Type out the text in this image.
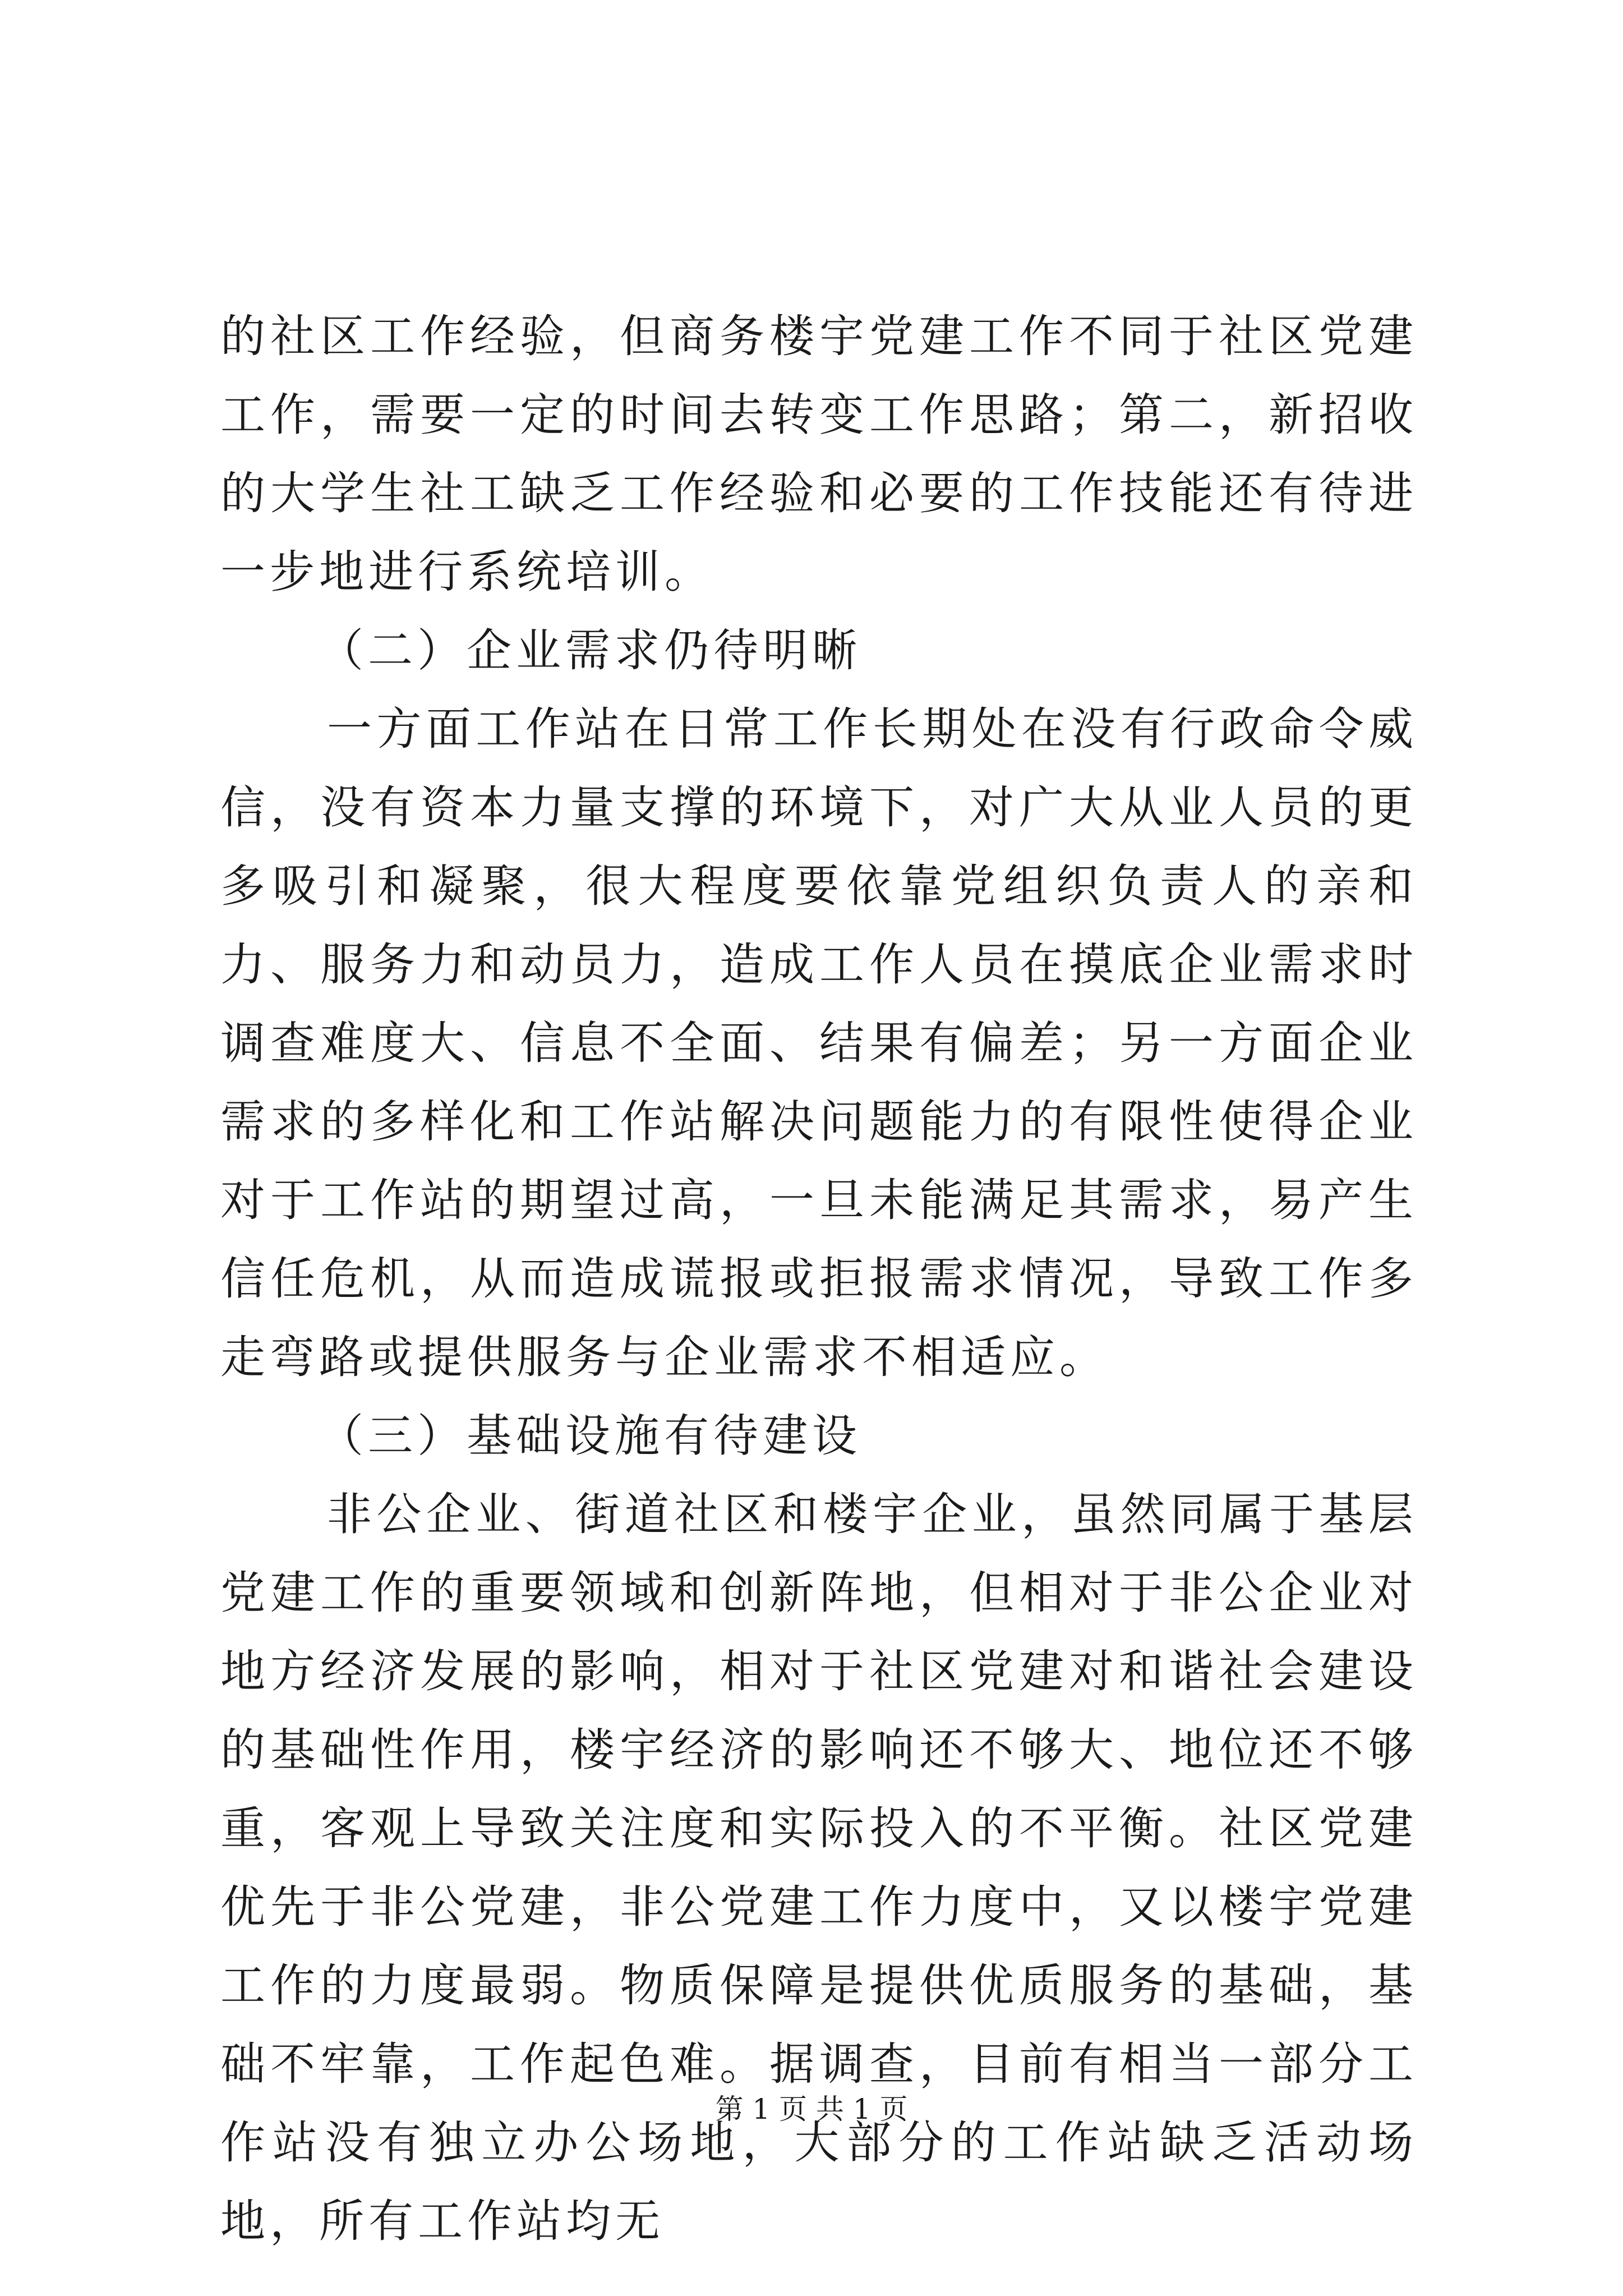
的社区工作经验，但商务楼宇党建工作不同于社区党建工作，需要一定的时间去转变工作思路；第二，新招收的大学生社工缺乏工作经验和必要的工作技能还有待进一步地进行系统培训。

（二）企业需求仍待明晰

一方面工作站在日常工作长期处在没有行政命令威信，没有资本力量支撑的环境下，对广大从业人员的更多吸引和凝聚，很大程度要依靠党组织负责人的亲和力、服务力和动员力，造成工作人员在摸底企业需求时调查难度大、信息不全面、结果有偏差；另一方面企业需求的多样化和工作站解决问题能力的有限性使得企业对于工作站的期望过高，一旦未能满足其需求，易产生信任危机，从而造成谎报或拒报需求情况，导致工作多走弯路或提供服务与企业需求不相适应。

（三）基础设施有待建设

非公企业、街道社区和楼宇企业，虽然同属于基层党建工作的重要领域和创新阵地，但相对于非公企业对地方经济发展的影响，相对于社区党建对和谐社会建设的基础性作用，楼宇经济的影响还不够大、地位还不够重，客观上导致关注度和实际投入的不平衡。社区党建优先于非公党建，非公党建工作力度中，又以楼宇党建工作的力度最弱。物质保障是提供优质服务的基础，基础不牢靠，工作起色难。据调查，目前有相当一部分工作站没有独立办公场地，大部分的工作站缺乏活动场地，所有工作站均无

第 1 页 共 1 页
